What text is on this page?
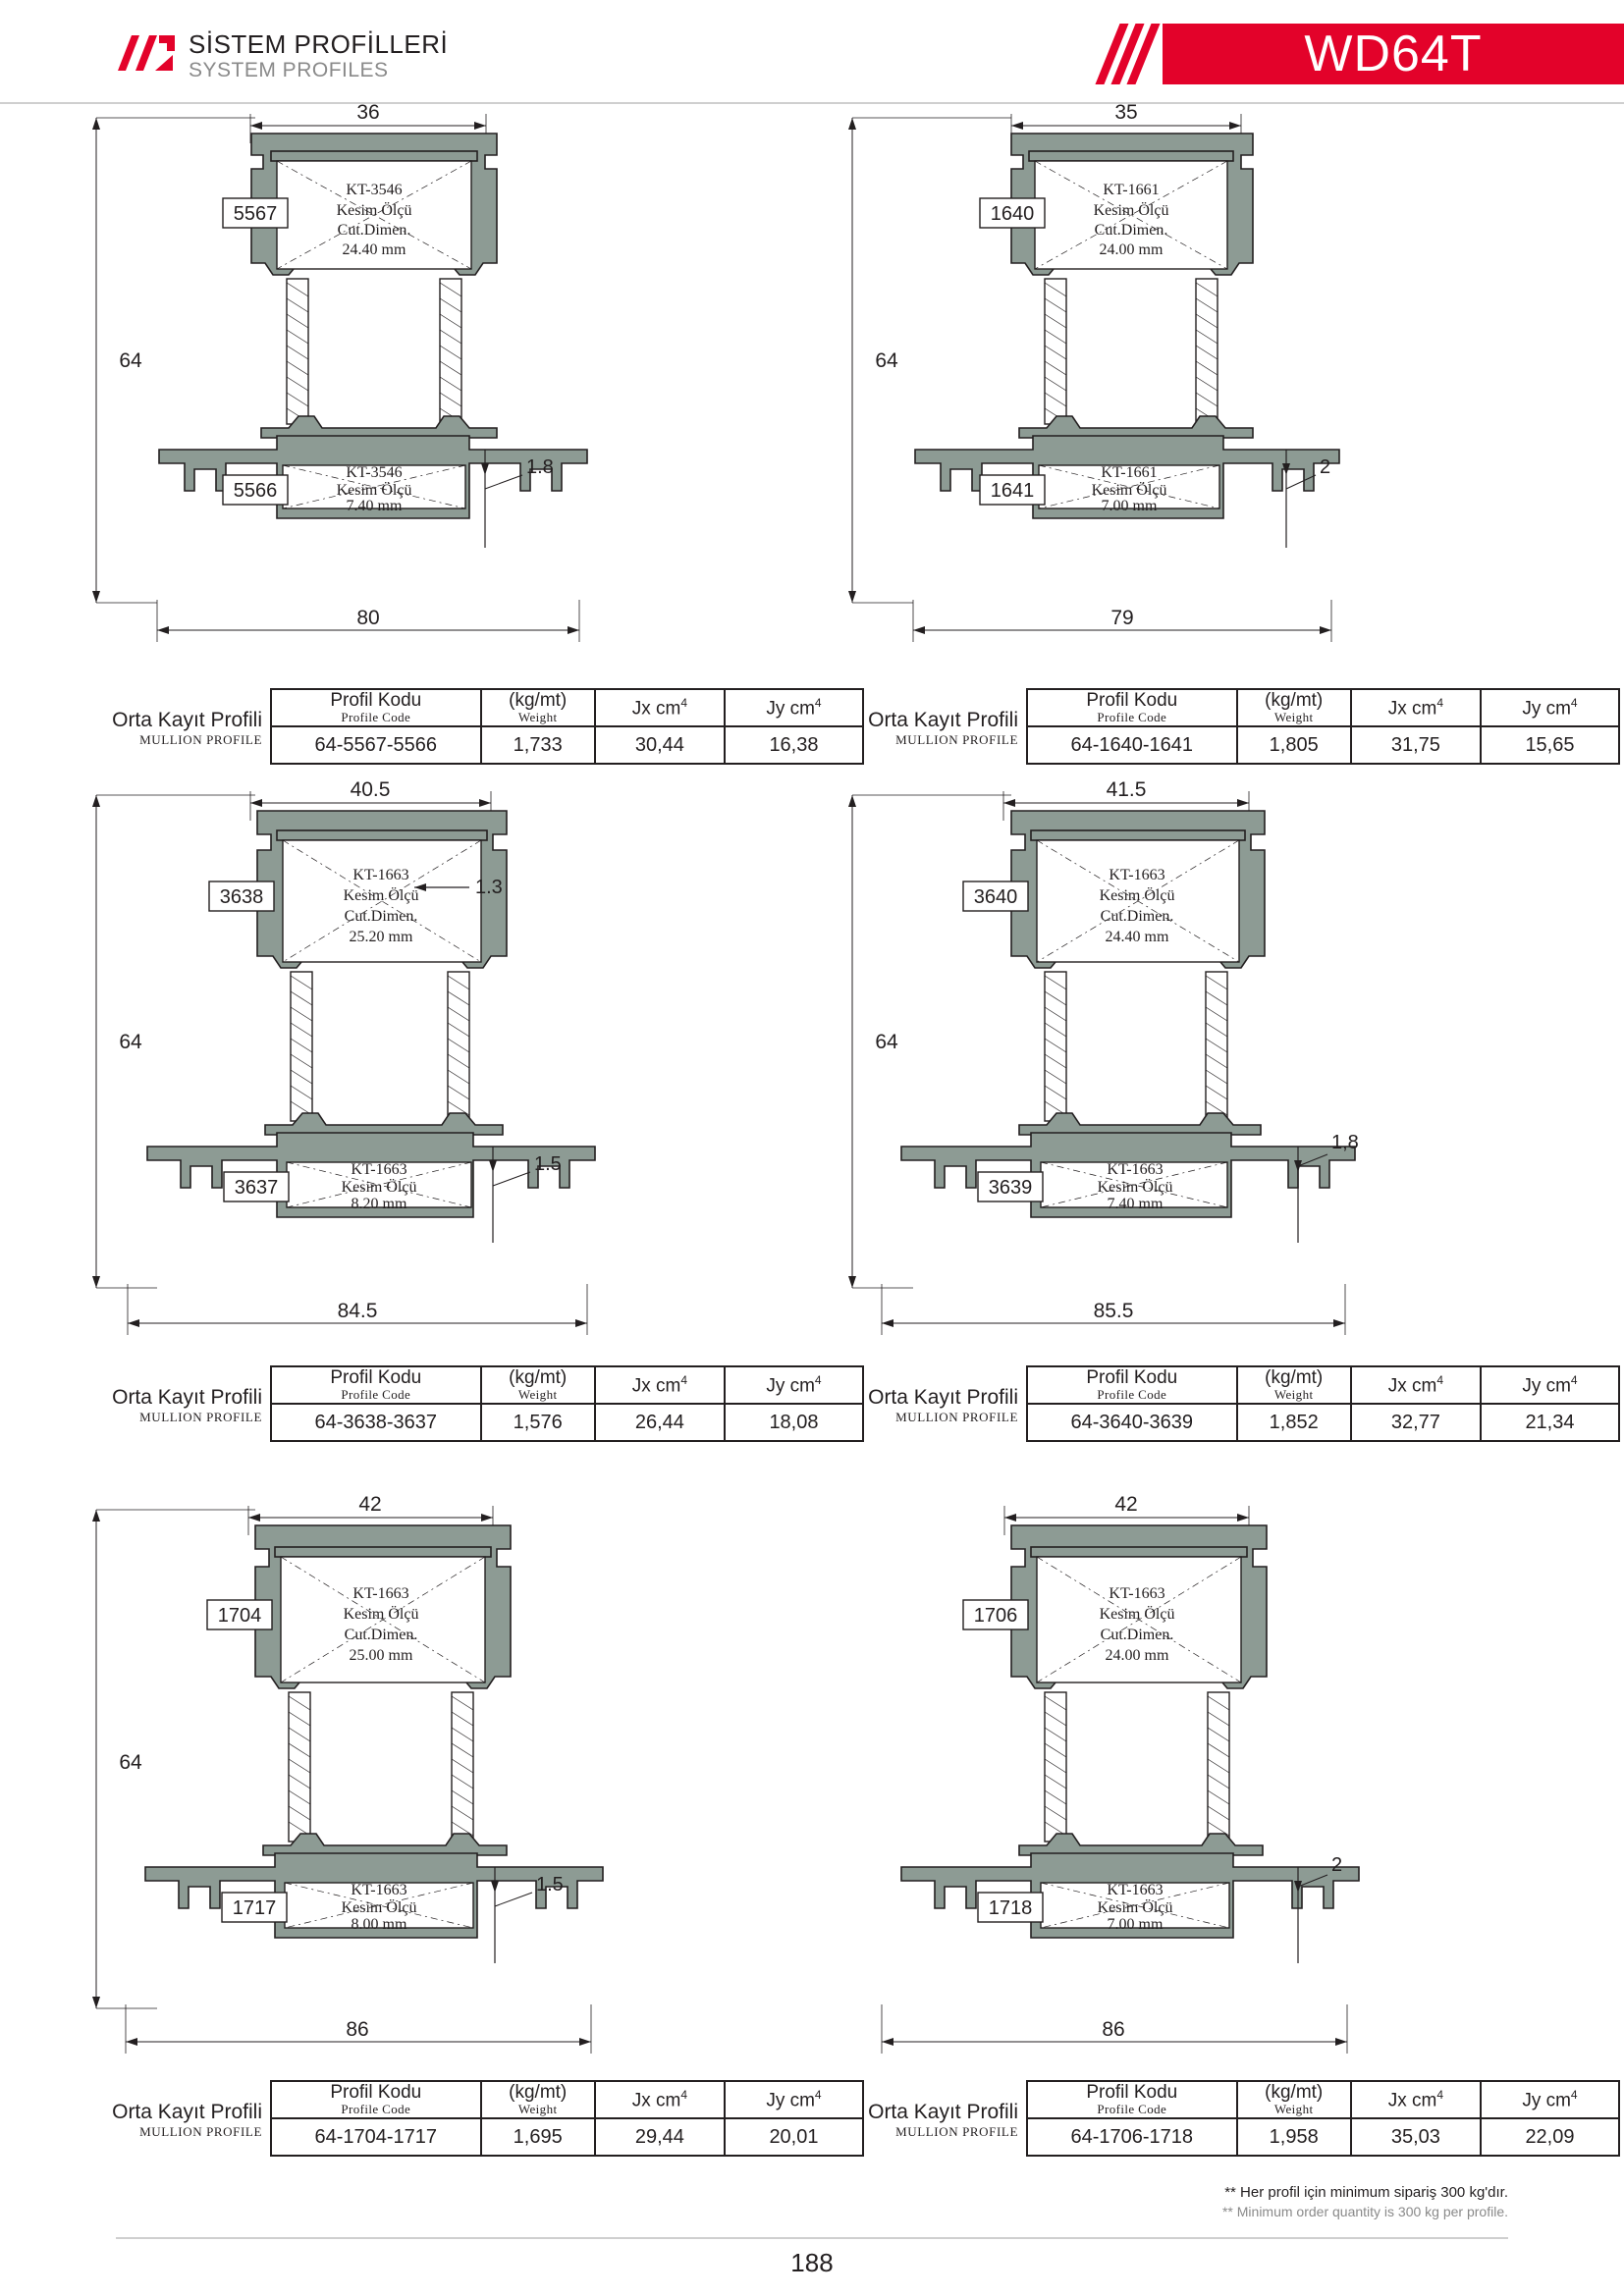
SİSTEM PROFİLLERİ
SYSTEM PROFILES	WD64T
64
36
80
1.8
KT-3546
Kesim Ölçü
Cut.Dimen.
24.40 mm
KT-3546
Kesim Ölçü
7.40 mm
5567
5566
Orta Kayıt Profili
MULLION PROFILE
Profil Kodu
Profile Code
64-5567-5566
(kg/mt)
Weight
1,733
Jx $cm^4$
30,44
Jy $cm^4$
16,38
64
35
79
2
KT-1661
Kesim Ölçü
Cut.Dimen.
24.00 mm
KT-1661
Kesim Ölçü
7.00 mm
1640
1641
Orta Kayıt Profili
MULLION PROFILE
Profil Kodu
Profile Code
64-1640-1641
(kg/mt)
Weight
1,805
Jx $cm^4$
31,75
Jy $cm^4$
15,65
64
40.5
84.5
1.5
1.3
KT-1663
Kesim Ölçü
Cut.Dimen.
25.20 mm
KT-1663
Kesim Ölçü
8.20 mm
3638
3637
Orta Kayıt Profili
MULLION PROFILE
Profil Kodu
Profile Code
64-3638-3637
(kg/mt)
Weight
1,576
Jx $cm^4$
26,44
Jy $cm^4$
18,08
64
41.5
85.5
1,8
KT-1663
Kesim Ölçü
Cut.Dimen.
24.40 mm
KT-1663
Kesim Ölçü
7.40 mm
3640
3639
Orta Kayıt Profili
MULLION PROFILE
Profil Kodu
Profile Code
64-3640-3639
(kg/mt)
Weight
1,852
Jx $cm^4$
32,77
Jy $cm^4$
21,34
64
42
86
1.5
KT-1663
Kesim Ölçü
Cut.Dimen.
25.00 mm
KT-1663
Kesim Ölçü
8.00 mm
1704
1717
Orta Kayıt Profili
MULLION PROFILE
Profil Kodu
Profile Code
64-1704-1717
(kg/mt)
Weight
1,695
Jx $cm^4$
29,44
Jy $cm^4$
20,01
42
86
2
KT-1663
Kesim Ölçü
Cut.Dimen.
24.00 mm
KT-1663
Kesim Ölçü
7.00 mm
1706
1718
Orta Kayıt Profili
MULLION PROFILE
Profil Kodu
Profile Code
64-1706-1718
(kg/mt)
Weight
1,958
Jx $cm^4$
35,03
Jy $cm^4$
22,09
** Her profil için minimum sipariş 300 kg'dır.
** Minimum order quantity is 300 kg per profile.
188
